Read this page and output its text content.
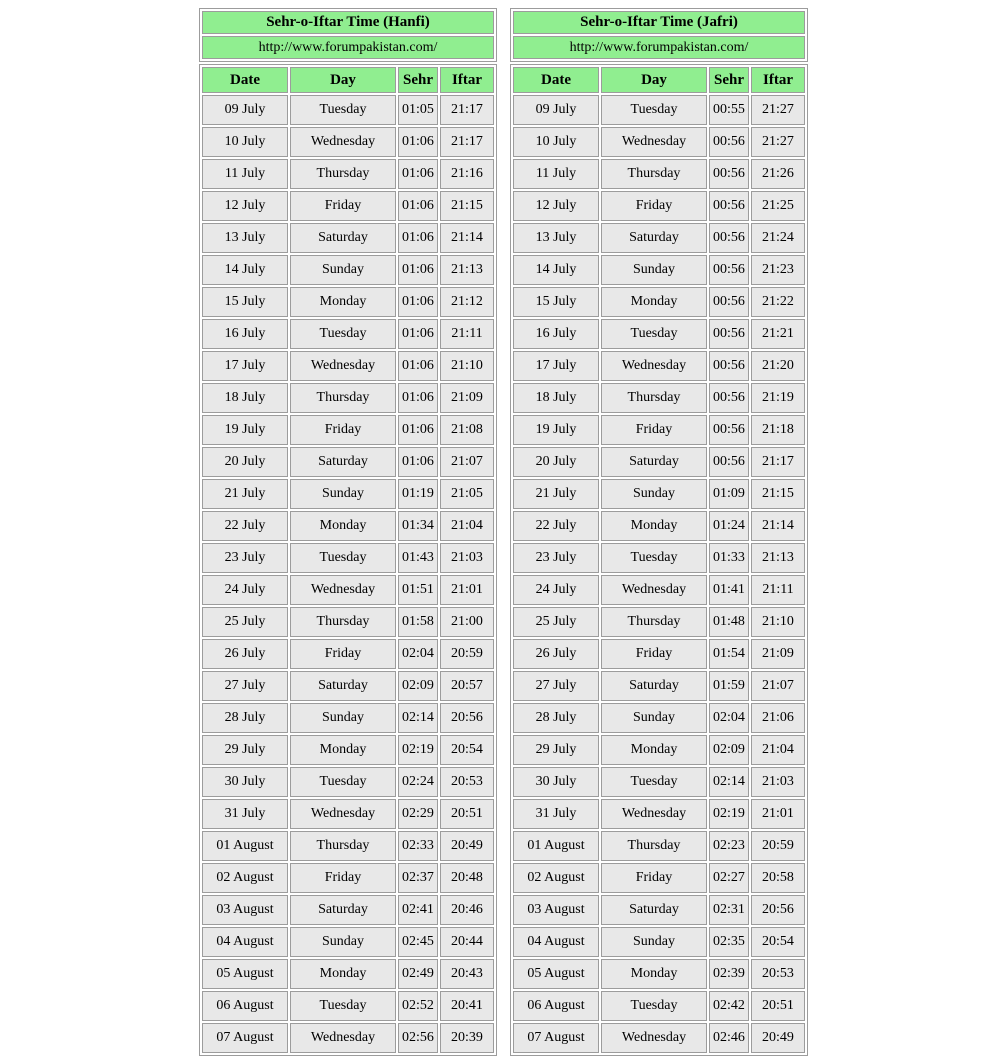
Sehr-o-Iftar Time (Hanfi)
http://www.forumpakistan.com/
Date	Day	Sehr	Iftar
09 July	Tuesday	01:05	21:17
10 July	Wednesday	01:06	21:17
11 July	Thursday	01:06	21:16
12 July	Friday	01:06	21:15
13 July	Saturday	01:06	21:14
14 July	Sunday	01:06	21:13
15 July	Monday	01:06	21:12
16 July	Tuesday	01:06	21:11
17 July	Wednesday	01:06	21:10
18 July	Thursday	01:06	21:09
19 July	Friday	01:06	21:08
20 July	Saturday	01:06	21:07
21 July	Sunday	01:19	21:05
22 July	Monday	01:34	21:04
23 July	Tuesday	01:43	21:03
24 July	Wednesday	01:51	21:01
25 July	Thursday	01:58	21:00
26 July	Friday	02:04	20:59
27 July	Saturday	02:09	20:57
28 July	Sunday	02:14	20:56
29 July	Monday	02:19	20:54
30 July	Tuesday	02:24	20:53
31 July	Wednesday	02:29	20:51
01 August	Thursday	02:33	20:49
02 August	Friday	02:37	20:48
03 August	Saturday	02:41	20:46
04 August	Sunday	02:45	20:44
05 August	Monday	02:49	20:43
06 August	Tuesday	02:52	20:41
07 August	Wednesday	02:56	20:39
Sehr-o-Iftar Time (Jafri)
http://www.forumpakistan.com/
Date	Day	Sehr	Iftar
09 July	Tuesday	00:55	21:27
10 July	Wednesday	00:56	21:27
11 July	Thursday	00:56	21:26
12 July	Friday	00:56	21:25
13 July	Saturday	00:56	21:24
14 July	Sunday	00:56	21:23
15 July	Monday	00:56	21:22
16 July	Tuesday	00:56	21:21
17 July	Wednesday	00:56	21:20
18 July	Thursday	00:56	21:19
19 July	Friday	00:56	21:18
20 July	Saturday	00:56	21:17
21 July	Sunday	01:09	21:15
22 July	Monday	01:24	21:14
23 July	Tuesday	01:33	21:13
24 July	Wednesday	01:41	21:11
25 July	Thursday	01:48	21:10
26 July	Friday	01:54	21:09
27 July	Saturday	01:59	21:07
28 July	Sunday	02:04	21:06
29 July	Monday	02:09	21:04
30 July	Tuesday	02:14	21:03
31 July	Wednesday	02:19	21:01
01 August	Thursday	02:23	20:59
02 August	Friday	02:27	20:58
03 August	Saturday	02:31	20:56
04 August	Sunday	02:35	20:54
05 August	Monday	02:39	20:53
06 August	Tuesday	02:42	20:51
07 August	Wednesday	02:46	20:49
